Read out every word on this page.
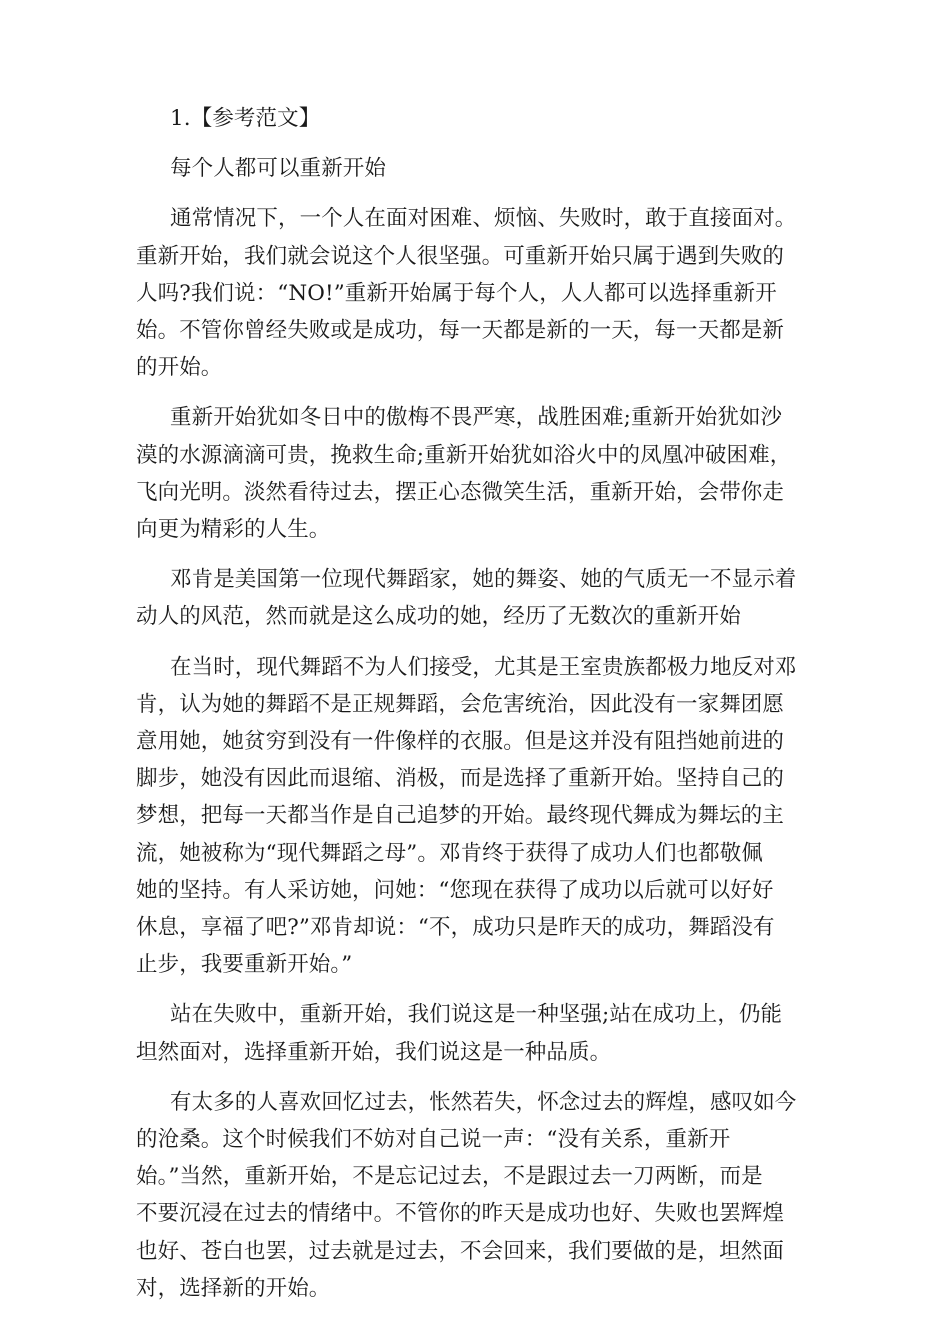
1.【参考范文】
每个人都可以重新开始
通常情况下，一个人在面对困难、烦恼、失败时，敢于直接面对。
重新开始，我们就会说这个人很坚强。可重新开始只属于遇到失败的
人吗?我们说：“NO!”重新开始属于每个人，人人都可以选择重新开
始。不管你曾经失败或是成功，每一天都是新的一天，每一天都是新
的开始。
重新开始犹如冬日中的傲梅不畏严寒，战胜困难;重新开始犹如沙
漠的水源滴滴可贵，挽救生命;重新开始犹如浴火中的凤凰冲破困难，
飞向光明。淡然看待过去，摆正心态微笑生活，重新开始，会带你走
向更为精彩的人生。
邓肯是美国第一位现代舞蹈家，她的舞姿、她的气质无一不显示着
动人的风范，然而就是这么成功的她，经历了无数次的重新开始
在当时，现代舞蹈不为人们接受，尤其是王室贵族都极力地反对邓
肯，认为她的舞蹈不是正规舞蹈，会危害统治，因此没有一家舞团愿
意用她，她贫穷到没有一件像样的衣服。但是这并没有阻挡她前进的
脚步，她没有因此而退缩、消极，而是选择了重新开始。坚持自己的
梦想，把每一天都当作是自己追梦的开始。最终现代舞成为舞坛的主
流，她被称为“现代舞蹈之母”。邓肯终于获得了成功人们也都敬佩
她的坚持。有人采访她，问她：“您现在获得了成功以后就可以好好
休息，享福了吧?”邓肯却说：“不，成功只是昨天的成功，舞蹈没有
止步，我要重新开始。”
站在失败中，重新开始，我们说这是一种坚强;站在成功上，仍能
坦然面对，选择重新开始，我们说这是一种品质。
有太多的人喜欢回忆过去，怅然若失，怀念过去的辉煌，感叹如今
的沧桑。这个时候我们不妨对自己说一声：“没有关系，重新开
始。”当然，重新开始，不是忘记过去，不是跟过去一刀两断，而是
不要沉浸在过去的情绪中。不管你的昨天是成功也好、失败也罢辉煌
也好、苍白也罢，过去就是过去，不会回来，我们要做的是，坦然面
对，选择新的开始。
